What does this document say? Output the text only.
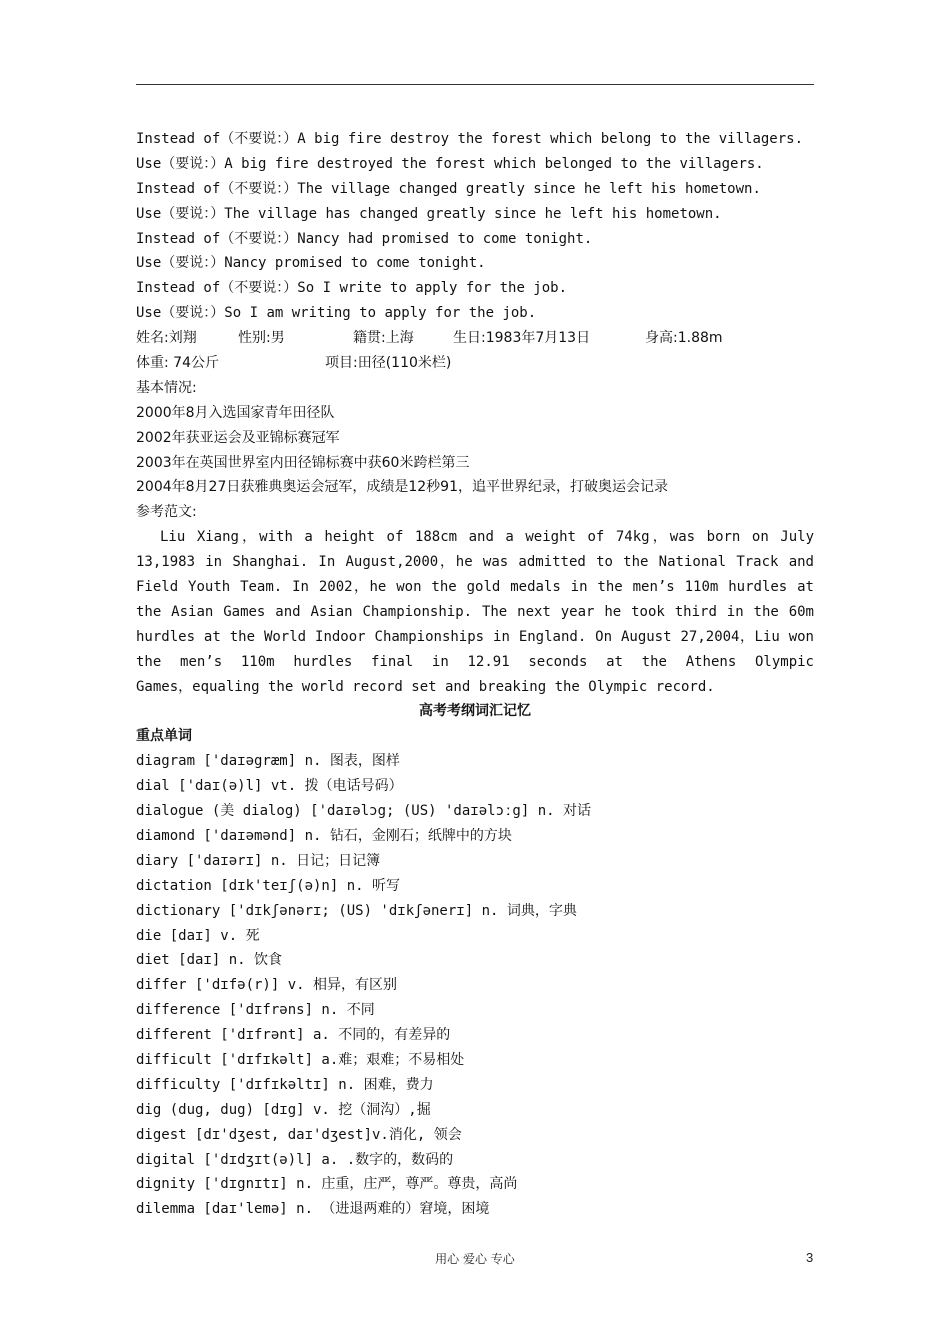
Instead of（不要说：）A big fire destroy the forest which belong to the villagers.
Use（要说：）A big fire destroyed the forest which belonged to the villagers.
Instead of（不要说：）The village changed greatly since he left his hometown.
Use（要说：）The village has changed greatly since he left his hometown.
Instead of（不要说：）Nancy had promised to come tonight.
Use（要说：）Nancy promised to come tonight.
Instead of（不要说：）So I write to apply for the job.
Use（要说：）So I am writing to apply for the job.
姓名:刘翔	性别:男	籍贯:上海	生日:1983年7月13日	身高:1.88m
体重: 74公斤	项目:田径(110米栏)
基本情况:
2000年8月入选国家青年田径队
2002年获亚运会及亚锦标赛冠军
2003年在英国世界室内田径锦标赛中获60米跨栏第三
2004年8月27日获雅典奥运会冠军，成绩是12秒91，追平世界纪录，打破奥运会记录
参考范文:
Liu Xiang，with a height of 188cm and a weight of 74kg，was born on July
13,1983 in Shanghai. In August,2000，he was admitted to the National Track and
Field Youth Team. In 2002，he won the gold medals in the men’s 110m hurdles at
the Asian Games and Asian Championship. The next year he took third in the 60m
hurdles at the World Indoor Championships in England. On August 27,2004，Liu won
the men’s 110m hurdles final in 12.91 seconds at the Athens Olympic
Games，equaling the world record set and breaking the Olympic record.
高考考纲词汇记忆
重点单词
diagram ['daɪəgræm] n. 图表，图样
dial ['daɪ(ə)l] vt. 拨（电话号码）
dialogue (美 dialog) ['daɪəlɔg; (US) 'daɪəlɔːg] n. 对话
diamond ['daɪəmənd] n. 钻石，金刚石；纸牌中的方块
diary ['daɪərɪ] n. 日记；日记簿
dictation [dɪk'teɪʃ(ə)n] n. 听写
dictionary ['dɪkʃənərɪ; (US) 'dɪkʃənerɪ] n. 词典，字典
die [daɪ] v. 死
diet [daɪ] n. 饮食
differ ['dɪfə(r)] v. 相异，有区别
difference ['dɪfrəns] n. 不同
different ['dɪfrənt] a. 不同的，有差异的
difficult ['dɪfɪkəlt] a.难；艰难；不易相处
difficulty ['dɪfɪkəltɪ] n. 困难，费力
dig (dug, dug) [dɪg] v. 挖（洞沟）,掘
digest [dɪ'dʒest, daɪ'dʒest]v.消化, 领会
digital ['dɪdʒɪt(ə)l] a. .数字的，数码的
dignity ['dɪgnɪtɪ] n. 庄重，庄严，尊严。尊贵，高尚
dilemma [daɪ'lemə] n. （进退两难的）窘境，困境
用心 爱心 专心	3
